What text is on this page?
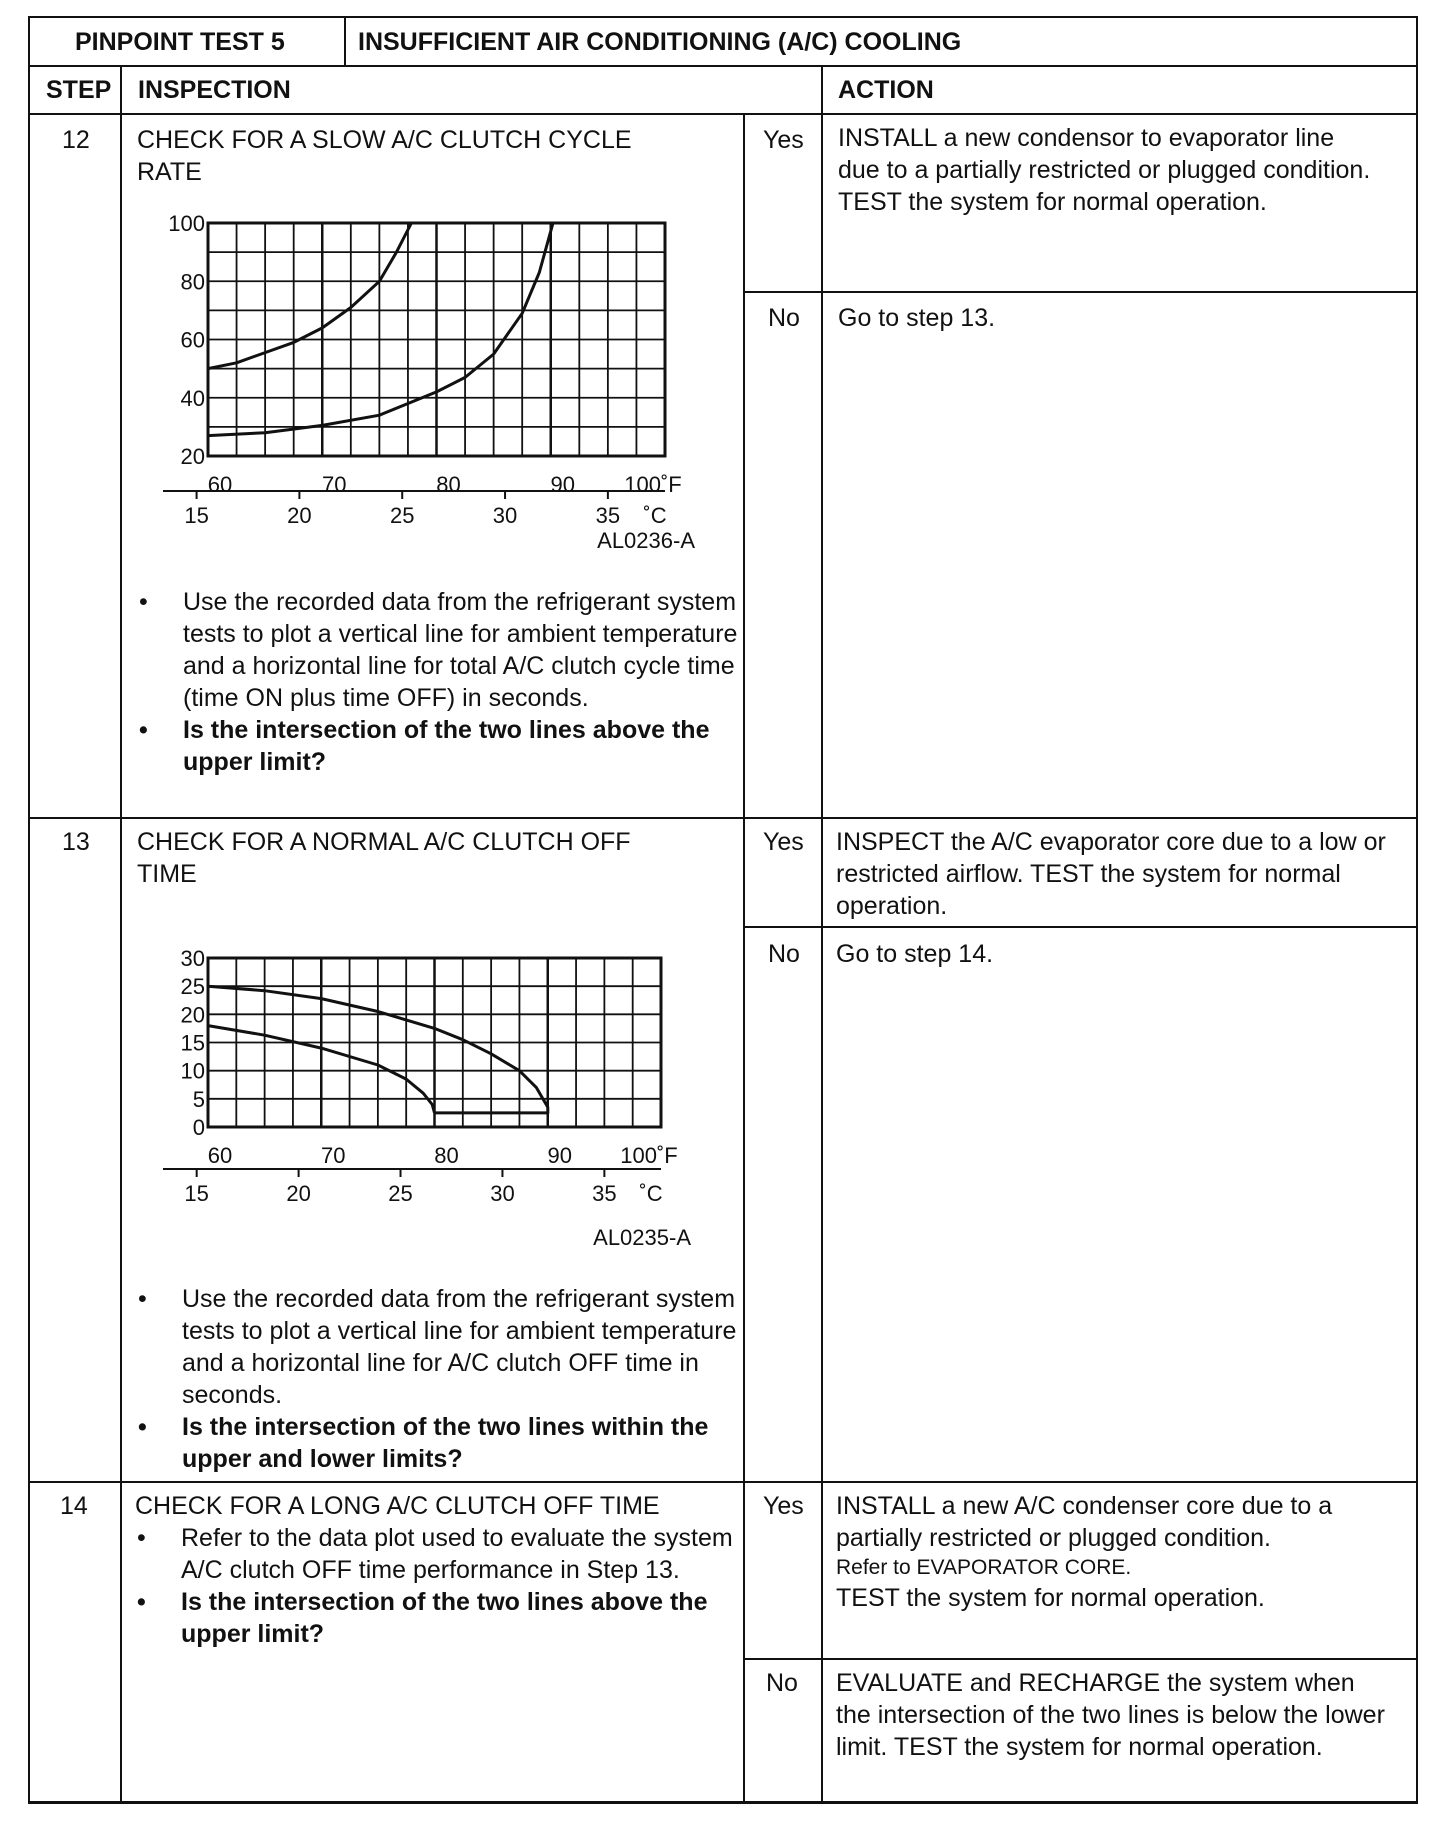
PINPOINT TEST 5	INSUFFICIENT AIR CONDITIONING (A/C) COOLING
STEP INSPECTION	ACTION
12 CHECK FOR A SLOW A/C CLUTCH CYCLE
RATE
• Use the recorded data from the refrigerant system tests to plot a vertical line for ambient temperature and a horizontal line for total A/C clutch cycle time (time ON plus time OFF) in seconds.
• Is the intersection of the two lines above the upper limit?
Yes INSTALL a new condensor to evaporator line due to a partially restricted or plugged condition. TEST the system for normal operation.
No Go to step 13.
13 CHECK FOR A NORMAL A/C CLUTCH OFF
TIME
• Use the recorded data from the refrigerant system tests to plot a vertical line for ambient temperature and a horizontal line for A/C clutch OFF time in seconds.
• Is the intersection of the two lines within the upper and lower limits?
Yes INSPECT the A/C evaporator core due to a low or restricted airflow. TEST the system for normal operation.
No Go to step 14.
14 CHECK FOR A LONG A/C CLUTCH OFF TIME
• Refer to the data plot used to evaluate the system A/C clutch OFF time performance in Step 13.
• Is the intersection of the two lines above the upper limit?
Yes INSTALL a new A/C condenser core due to a partially restricted or plugged condition.
Refer to EVAPORATOR CORE.
TEST the system for normal operation.
No EVALUATE and RECHARGE the system when the intersection of the two lines is below the lower limit. TEST the system for normal operation.
100
80
60
40
20
60	70	80	90 100˚F
15	20	25	30	35 ˚C
AL0236-A
30
25
20
15
10
5
0
60	70	80	90 100˚F
15	20	25	30	35 ˚C
AL0235-A
